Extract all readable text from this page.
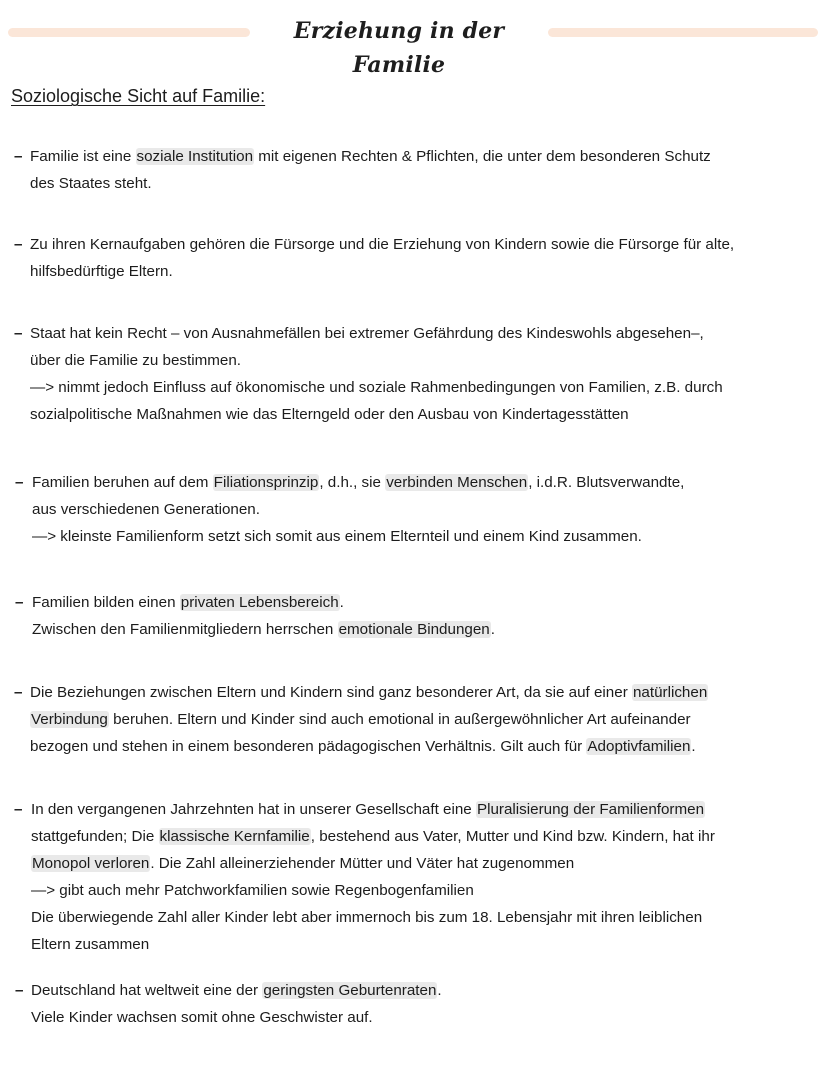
Erziehung in der Familie
Soziologische Sicht auf Familie:
– Familie ist eine soziale Institution mit eigenen Rechten & Pflichten, die unter dem besonderen Schutz
des Staates steht.
– Zu ihren Kernaufgaben gehören die Fürsorge und die Erziehung von Kindern sowie die Fürsorge für alte,
hilfsbedürftige Eltern.
– Staat hat kein Recht – von Ausnahmefällen bei extremer Gefährdung des Kindeswohls abgesehen–,
über die Familie zu bestimmen.
—> nimmt jedoch Einfluss auf ökonomische und soziale Rahmenbedingungen von Familien, z.B. durch
sozialpolitische Maßnahmen wie das Elterngeld oder den Ausbau von Kindertagesstätten
– Familien beruhen auf dem Filiationsprinzip, d.h., sie verbinden Menschen, i.d.R. Blutsverwandte,
aus verschiedenen Generationen.
—> kleinste Familienform setzt sich somit aus einem Elternteil und einem Kind zusammen.
– Familien bilden einen privaten Lebensbereich.
Zwischen den Familienmitgliedern herrschen emotionale Bindungen.
– Die Beziehungen zwischen Eltern und Kindern sind ganz besonderer Art, da sie auf einer natürlichen
Verbindung beruhen. Eltern und Kinder sind auch emotional in außergewöhnlicher Art aufeinander
bezogen und stehen in einem besonderen pädagogischen Verhältnis. Gilt auch für Adoptivfamilien.
– In den vergangenen Jahrzehnten hat in unserer Gesellschaft eine Pluralisierung der Familienformen
stattgefunden; Die klassische Kernfamilie, bestehend aus Vater, Mutter und Kind bzw. Kindern, hat ihr
Monopol verloren. Die Zahl alleinerziehender Mütter und Väter hat zugenommen
—> gibt auch mehr Patchworkfamilien sowie Regenbogenfamilien
Die überwiegende Zahl aller Kinder lebt aber immernoch bis zum 18. Lebensjahr mit ihren leiblichen
Eltern zusammen
– Deutschland hat weltweit eine der geringsten Geburtenraten.
Viele Kinder wachsen somit ohne Geschwister auf.
